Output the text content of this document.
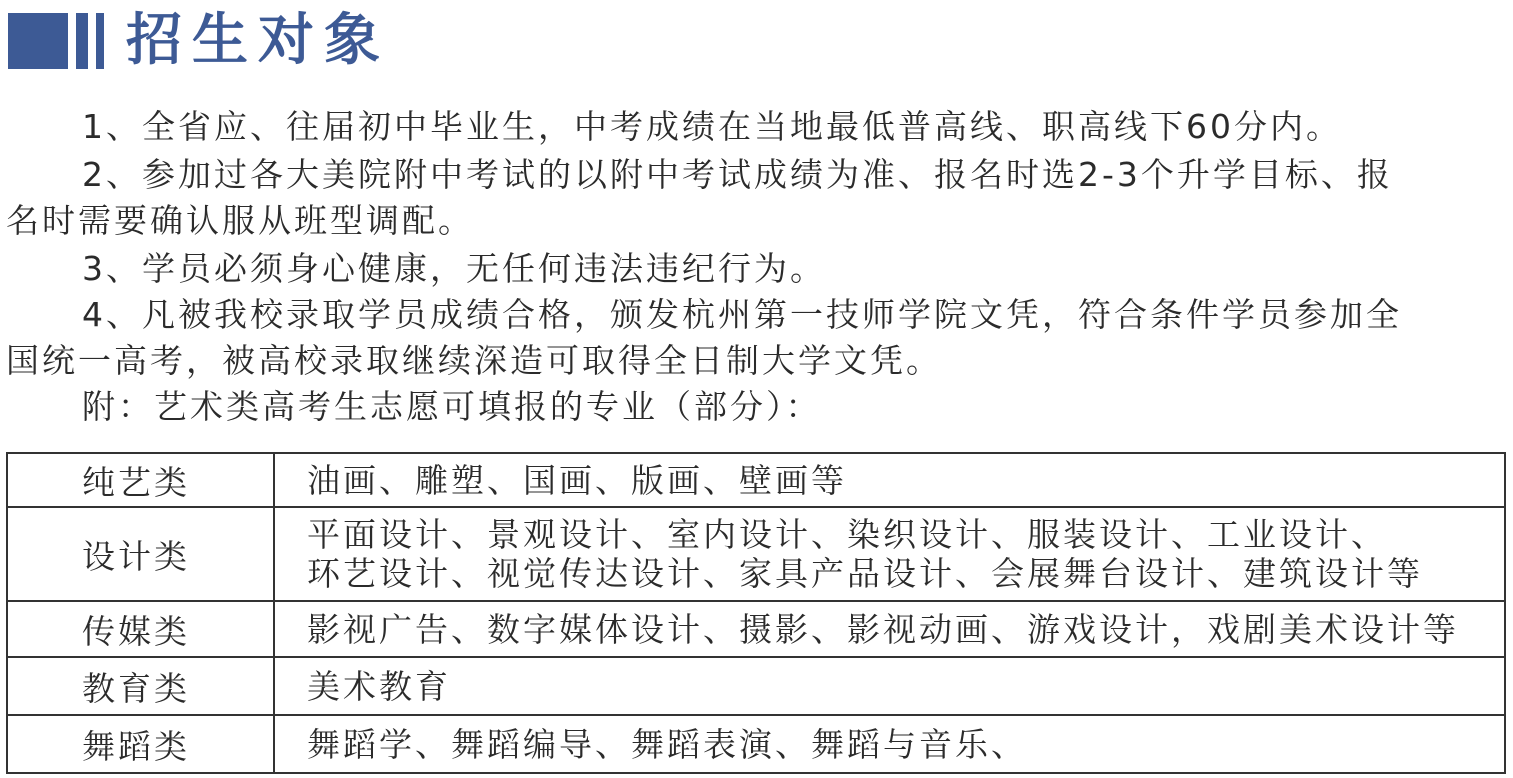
招生对象

1、全省应、往届初中毕业生，中考成绩在当地最低普高线、职高线下60分内。

2、参加过各大美院附中考试的以附中考试成绩为准、报名时选2-3个升学目标、报

名时需要确认服从班型调配。

3、学员必须身心健康，无任何违法违纪行为。

4、凡被我校录取学员成绩合格，颁发杭州第一技师学院文凭，符合条件学员参加全

国统一高考，被高校录取继续深造可取得全日制大学文凭。

附：艺术类高考生志愿可填报的专业（部分）：

纯艺类	油画、雕塑、国画、版画、壁画等

设计类	平面设计、景观设计、室内设计、染织设计、服装设计、工业设计、
环艺设计、视觉传达设计、家具产品设计、会展舞台设计、建筑设计等

传媒类	影视广告、数字媒体设计、摄影、影视动画、游戏设计，戏剧美术设计等

教育类	美术教育

舞蹈类	舞蹈学、舞蹈编导、舞蹈表演、舞蹈与音乐、
